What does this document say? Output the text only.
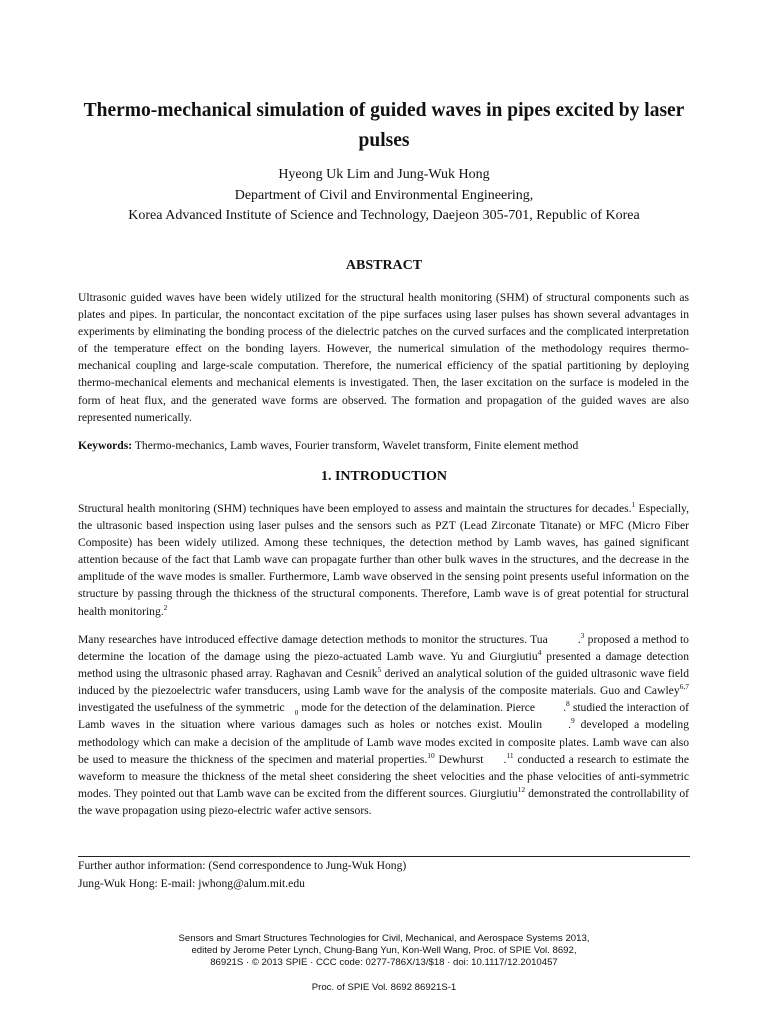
Thermo-mechanical simulation of guided waves in pipes excited by laser pulses
Hyeong Uk Lim and Jung-Wuk Hong
Department of Civil and Environmental Engineering,
Korea Advanced Institute of Science and Technology, Daejeon 305-701, Republic of Korea
ABSTRACT
Ultrasonic guided waves have been widely utilized for the structural health monitoring (SHM) of structural components such as plates and pipes. In particular, the noncontact excitation of the pipe surfaces using laser pulses has shown several advantages in experiments by eliminating the bonding process of the dielectric patches on the curved surfaces and the complicated interpretation of the temperature effect on the bonding layers. However, the numerical simulation of the methodology requires thermo-mechanical coupling and large-scale computation. Therefore, the numerical efficiency of the spatial partitioning by deploying thermo-mechanical elements and mechanical elements is investigated. Then, the laser excitation on the surface is modeled in the form of heat flux, and the generated wave forms are observed. The formation and propagation of the guided waves are also represented numerically.
Keywords: Thermo-mechanics, Lamb waves, Fourier transform, Wavelet transform, Finite element method
1. INTRODUCTION
Structural health monitoring (SHM) techniques have been employed to assess and maintain the structures for decades.$^1$ Especially, the ultrasonic based inspection using laser pulses and the sensors such as PZT (Lead Zirconate Titanate) or MFC (Micro Fiber Composite) has been widely utilized. Among these techniques, the detection method by Lamb waves, has gained significant attention because of the fact that Lamb wave can propagate further than other bulk waves in the structures, and the decrease in the amplitude of the wave modes is smaller. Furthermore, Lamb wave observed in the sensing point presents useful information on the structure by passing through the thickness of the structural components. Therefore, Lamb wave is of great potential for structural health monitoring.$^2$
Many researches have introduced effective damage detection methods to monitor the structures. Tua	.$^3$ proposed a method to determine the location of the damage using the piezo-actuated Lamb wave. Yu and Giurgiutiu$^4$ presented a damage detection method using the ultrasonic phased array. Raghavan and Cesnik$^5$ derived an analytical solution of the guided ultrasonic wave field induced by the piezoelectric wafer transducers, using Lamb wave for the analysis of the composite materials. Guo and Cawley$^{6,7}$ investigated the usefulness of the symmetric $_0$ mode for the detection of the delamination. Pierce .$^8$ studied the interaction of Lamb waves in the situation where various damages such as holes or notches exist. Moulin .$^9$ developed a modeling methodology which can make a decision of the amplitude of Lamb wave modes excited in composite plates. Lamb wave can also be used to measure the thickness of the specimen and material properties.$^{10}$ Dewhurst .$^{11}$ conducted a research to estimate the waveform to measure the thickness of the metal sheet considering the sheet velocities and the phase velocities of anti-symmetric modes. They pointed out that Lamb wave can be excited from the different sources. Giurgiutiu$^{12}$ demonstrated the controllability of the wave propagation using piezo-electric wafer active sensors.
Further author information: (Send correspondence to Jung-Wuk Hong)
Jung-Wuk Hong: E-mail: jwhong@alum.mit.edu
Sensors and Smart Structures Technologies for Civil, Mechanical, and Aerospace Systems 2013,
edited by Jerome Peter Lynch, Chung-Bang Yun, Kon-Well Wang, Proc. of SPIE Vol. 8692,
86921S · © 2013 SPIE · CCC code: 0277-786X/13/$18 · doi: 10.1117/12.2010457
Proc. of SPIE Vol. 8692 86921S-1
